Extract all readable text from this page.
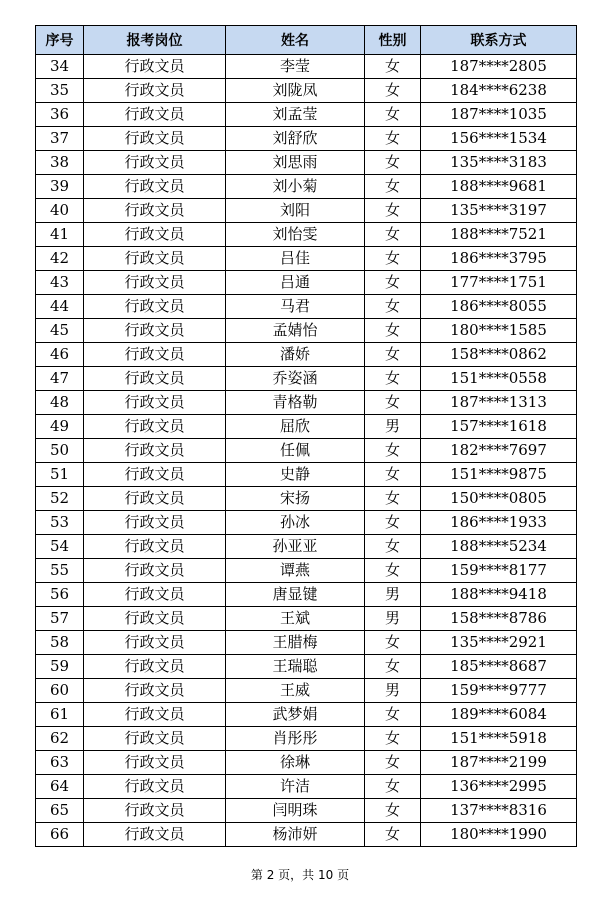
序号	报考岗位	姓名	性别	联系方式
34	行政文员	李莹	女	187****2805
35	行政文员	刘陇凤	女	184****6238
36	行政文员	刘孟莹	女	187****1035
37	行政文员	刘舒欣	女	156****1534
38	行政文员	刘思雨	女	135****3183
39	行政文员	刘小菊	女	188****9681
40	行政文员	刘阳	女	135****3197
41	行政文员	刘怡雯	女	188****7521
42	行政文员	吕佳	女	186****3795
43	行政文员	吕通	女	177****1751
44	行政文员	马君	女	186****8055
45	行政文员	孟婧怡	女	180****1585
46	行政文员	潘娇	女	158****0862
47	行政文员	乔姿涵	女	151****0558
48	行政文员	青格勒	女	187****1313
49	行政文员	屈欣	男	157****1618
50	行政文员	任佩	女	182****7697
51	行政文员	史静	女	151****9875
52	行政文员	宋扬	女	150****0805
53	行政文员	孙冰	女	186****1933
54	行政文员	孙亚亚	女	188****5234
55	行政文员	谭燕	女	159****8177
56	行政文员	唐显键	男	188****9418
57	行政文员	王斌	男	158****8786
58	行政文员	王腊梅	女	135****2921
59	行政文员	王瑞聪	女	185****8687
60	行政文员	王威	男	159****9777
61	行政文员	武梦娟	女	189****6084
62	行政文员	肖彤彤	女	151****5918
63	行政文员	徐琳	女	187****2199
64	行政文员	许洁	女	136****2995
65	行政文员	闫明珠	女	137****8316
66	行政文员	杨沛妍	女	180****1990
第 2 页，共 10 页
